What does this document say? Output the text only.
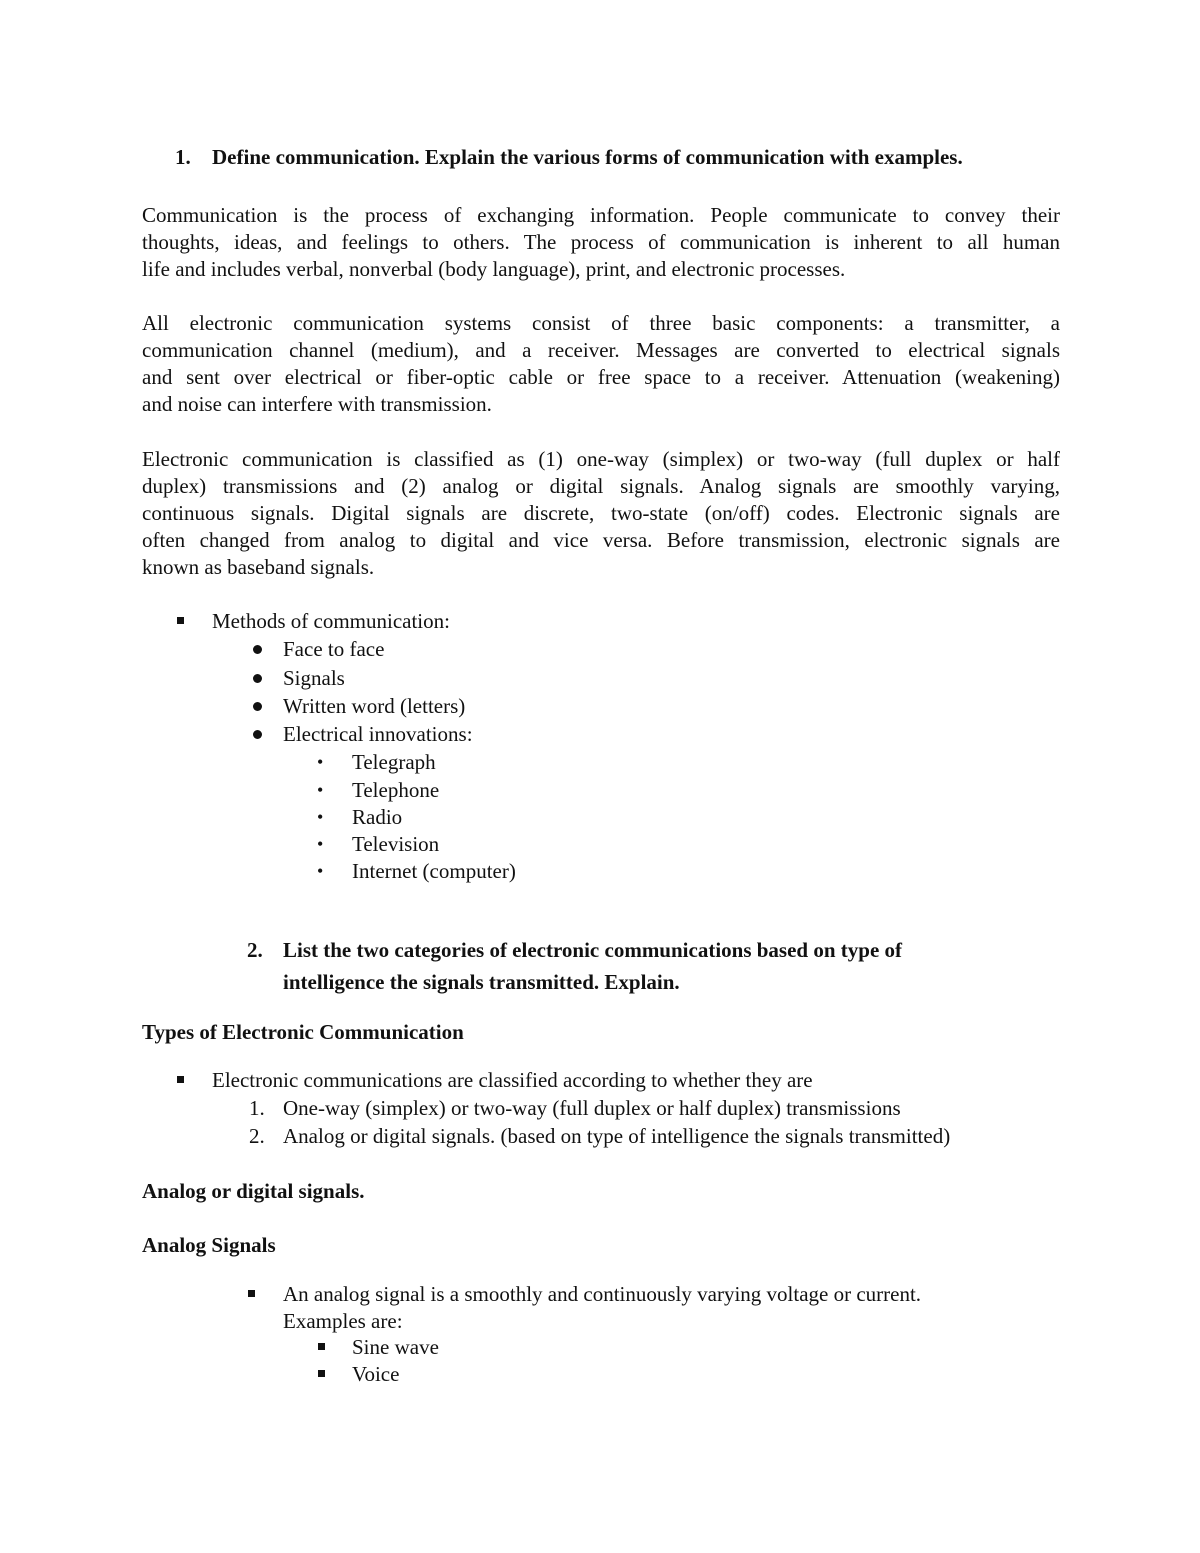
1. Define communication. Explain the various forms of communication with examples.
Communication is the process of exchanging information. People communicate to convey their
thoughts, ideas, and feelings to others. The process of communication is inherent to all human
life and includes verbal, nonverbal (body language), print, and electronic processes.
All electronic communication systems consist of three basic components: a transmitter, a
communication channel (medium), and a receiver. Messages are converted to electrical signals
and sent over electrical or fiber-optic cable or free space to a receiver. Attenuation (weakening)
and noise can interfere with transmission.
Electronic communication is classified as (1) one-way (simplex) or two-way (full duplex or half
duplex) transmissions and (2) analog or digital signals. Analog signals are smoothly varying,
continuous signals. Digital signals are discrete, two-state (on/off) codes. Electronic signals are
often changed from analog to digital and vice versa. Before transmission, electronic signals are
known as baseband signals.
Methods of communication:
Face to face
Signals
Written word (letters)
Electrical innovations:
• Telegraph
• Telephone
• Radio
• Television
• Internet (computer)
2. List the two categories of electronic communications based on type of
intelligence the signals transmitted. Explain.
Types of Electronic Communication
Electronic communications are classified according to whether they are
1. One-way (simplex) or two-way (full duplex or half duplex) transmissions
2. Analog or digital signals. (based on type of intelligence the signals transmitted)
Analog or digital signals.
Analog Signals
An analog signal is a smoothly and continuously varying voltage or current.
Examples are:
Sine wave
Voice
